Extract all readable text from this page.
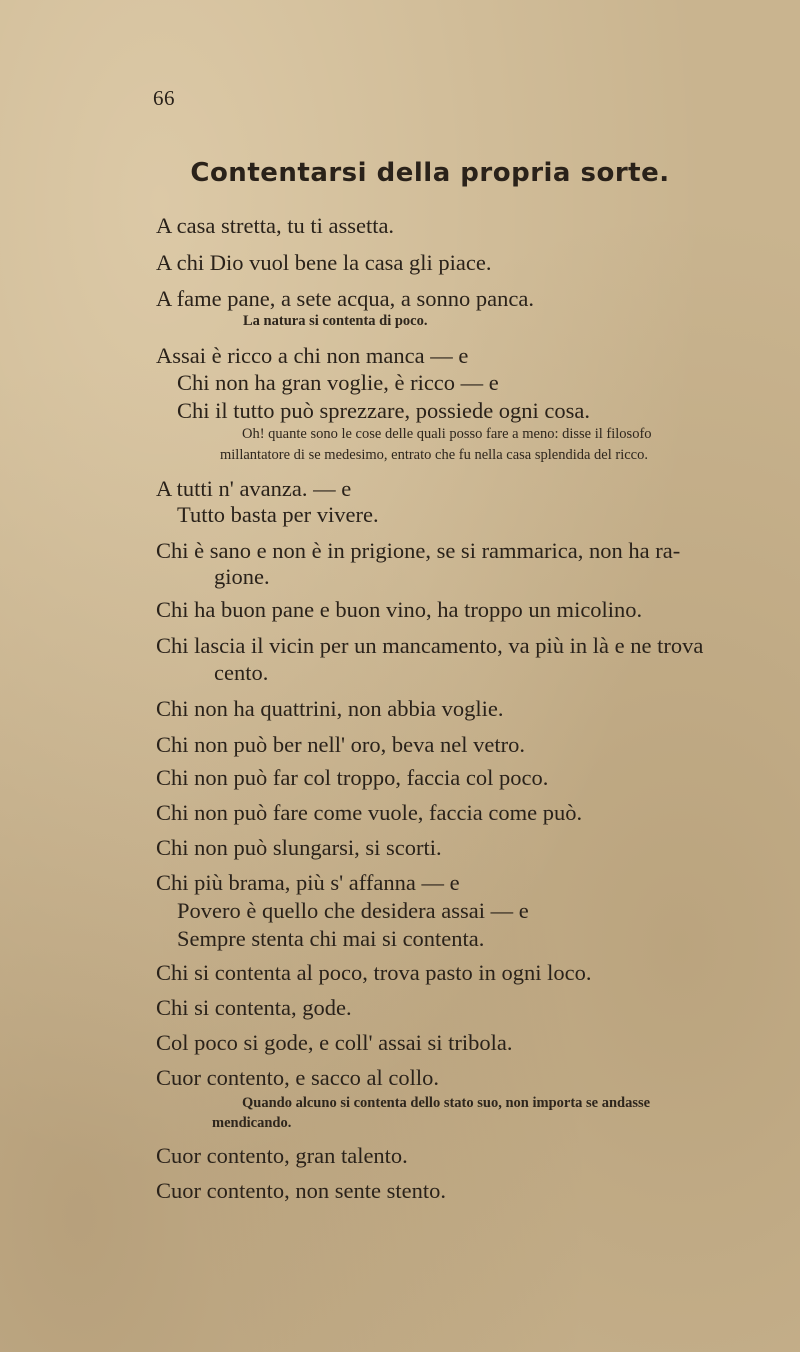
66
Contentarsi della propria sorte.
A casa stretta, tu ti assetta.
A chi Dio vuol bene la casa gli piace.
A fame pane, a sete acqua, a sonno panca.
La natura si contenta di poco.
Assai è ricco a chi non manca — e
Chi non ha gran voglie, è ricco — e
Chi il tutto può sprezzare, possiede ogni cosa.
Oh! quante sono le cose delle quali posso fare a meno: disse il filosofo
millantatore di se medesimo, entrato che fu nella casa splendida del ricco.
A tutti n' avanza. — e
Tutto basta per vivere.
Chi è sano e non è in prigione, se si rammarica, non ha ra-
gione.
Chi ha buon pane e buon vino, ha troppo un micolino.
Chi lascia il vicin per un mancamento, va più in là e ne trova
cento.
Chi non ha quattrini, non abbia voglie.
Chi non può ber nell' oro, beva nel vetro.
Chi non può far col troppo, faccia col poco.
Chi non può fare come vuole, faccia come può.
Chi non può slungarsi, si scorti.
Chi più brama, più s' affanna — e
Povero è quello che desidera assai — e
Sempre stenta chi mai si contenta.
Chi si contenta al poco, trova pasto in ogni loco.
Chi si contenta, gode.
Col poco si gode, e coll' assai si tribola.
Cuor contento, e sacco al collo.
Quando alcuno si contenta dello stato suo, non importa se andasse
mendicando.
Cuor contento, gran talento.
Cuor contento, non sente stento.
